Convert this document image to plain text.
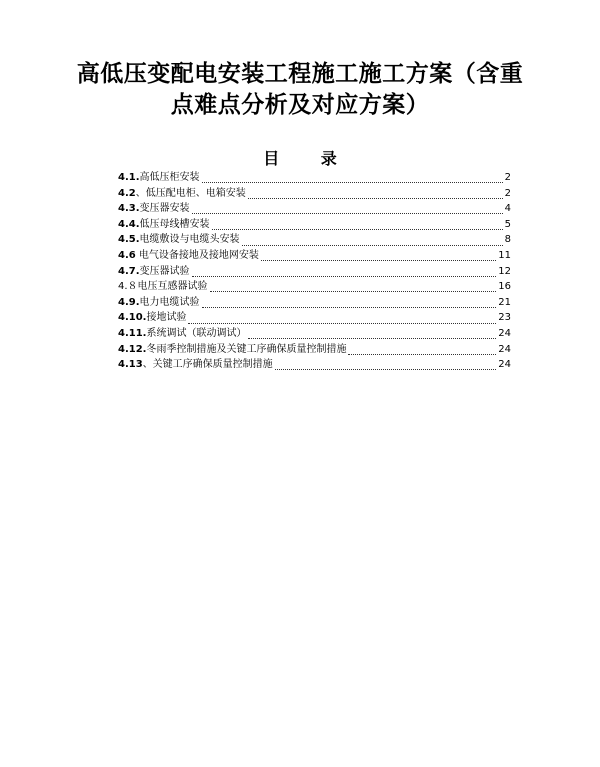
高低压变配电安装工程施工施工方案（含重
点难点分析及对应方案）
目 录
4.1.高低压柜安装	2
4.2、低压配电柜、电箱安装	2
4.3.变压器安装	4
4.4.低压母线槽安装	5
4.5.电缆敷设与电缆头安装	8
4.6 电气设备接地及接地网安装	11
4.7.变压器试验	12
4.８电压互感器试验	16
4.9.电力电缆试验	21
4.10.接地试验	23
4.11.系统调试（联动调试）	24
4.12.冬雨季控制措施及关键工序确保质量控制措施	24
4.13、关键工序确保质量控制措施	24
